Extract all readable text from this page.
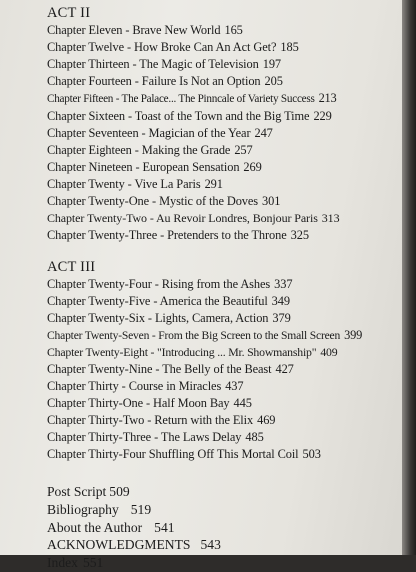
ACT II
Chapter Eleven - Brave New World 165
Chapter Twelve - How Broke Can An Act Get? 185
Chapter Thirteen - The Magic of Television 197
Chapter Fourteen - Failure Is Not an Option 205
Chapter Fifteen - The Palace... The Pinncale of Variety Success 213
Chapter Sixteen - Toast of the Town and the Big Time 229
Chapter Seventeen - Magician of the Year 247
Chapter Eighteen - Making the Grade 257
Chapter Nineteen - European Sensation 269
Chapter Twenty - Vive La Paris 291
Chapter Twenty-One - Mystic of the Doves 301
Chapter Twenty-Two - Au Revoir Londres, Bonjour Paris 313
Chapter Twenty-Three - Pretenders to the Throne 325
ACT III
Chapter Twenty-Four - Rising from the Ashes 337
Chapter Twenty-Five - America the Beautiful 349
Chapter Twenty-Six - Lights, Camera, Action 379
Chapter Twenty-Seven - From the Big Screen to the Small Screen 399
Chapter Twenty-Eight - "Introducing ... Mr. Showmanship" 409
Chapter Twenty-Nine - The Belly of the Beast 427
Chapter Thirty - Course in Miracles 437
Chapter Thirty-One - Half Moon Bay 445
Chapter Thirty-Two - Return with the Elix 469
Chapter Thirty-Three - The Laws Delay 485
Chapter Thirty-Four Shuffling Off This Mortal Coil 503
Post Script 509
Bibliography 519
About the Author 541
ACKNOWLEDGMENTS 543
Index 551
